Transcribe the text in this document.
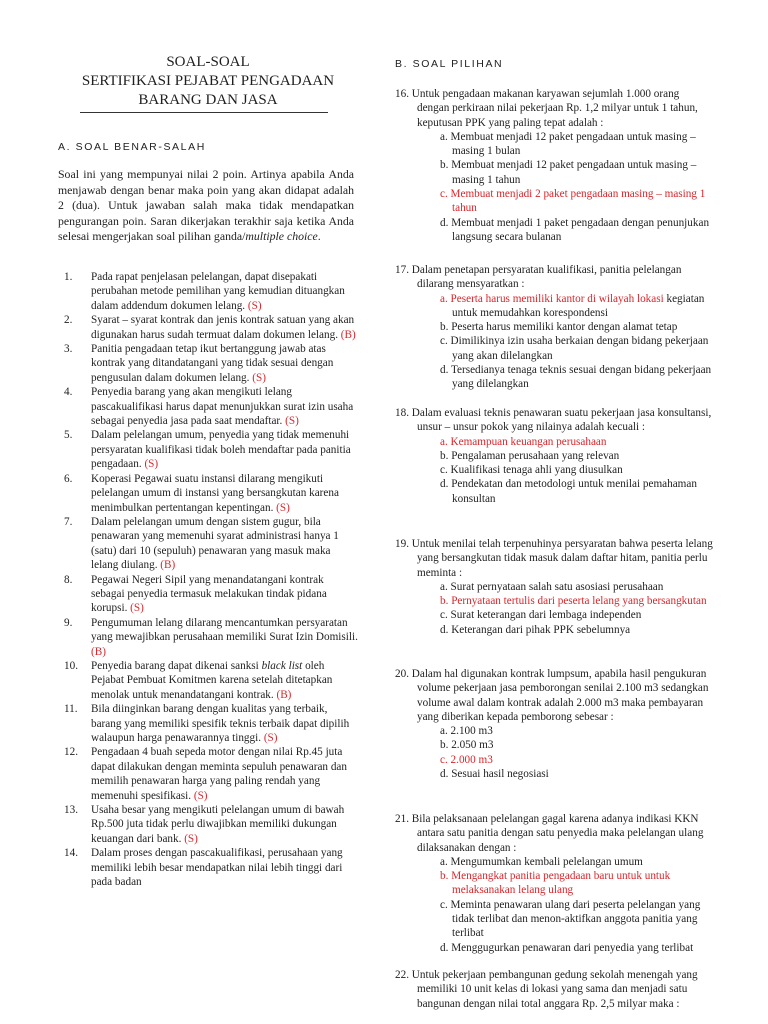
SOAL-SOAL
SERTIFIKASI PEJABAT PENGADAAN
BARANG DAN JASA
A. SOAL BENAR-SALAH
Soal ini yang mempunyai nilai 2 poin. Artinya apabila Anda menjawab dengan benar maka poin yang akan didapat adalah 2 (dua). Untuk jawaban salah maka tidak mendapatkan pengurangan poin. Saran dikerjakan terakhir saja ketika Anda selesai mengerjakan soal pilihan ganda/multiple choice.
1. Pada rapat penjelasan pelelangan, dapat disepakati perubahan metode pemilihan yang kemudian dituangkan dalam addendum dokumen lelang. (S)
2. Syarat – syarat kontrak dan jenis kontrak satuan yang akan digunakan harus sudah termuat dalam dokumen lelang. (B)
3. Panitia pengadaan tetap ikut bertanggung jawab atas kontrak yang ditandatangani yang tidak sesuai dengan pengusulan dalam dokumen lelang. (S)
4. Penyedia barang yang akan mengikuti lelang pascakualifikasi harus dapat menunjukkan surat izin usaha sebagai penyedia jasa pada saat mendaftar. (S)
5. Dalam pelelangan umum, penyedia yang tidak memenuhi persyaratan kualifikasi tidak boleh mendaftar pada panitia pengadaan. (S)
6. Koperasi Pegawai suatu instansi dilarang mengikuti pelelangan umum di instansi yang bersangkutan karena menimbulkan pertentangan kepentingan. (S)
7. Dalam pelelangan umum dengan sistem gugur, bila penawaran yang memenuhi syarat administrasi hanya 1 (satu) dari 10 (sepuluh) penawaran yang masuk maka lelang diulang. (B)
8. Pegawai Negeri Sipil yang menandatangani kontrak sebagai penyedia termasuk melakukan tindak pidana korupsi. (S)
9. Pengumuman lelang dilarang mencantumkan persyaratan yang mewajibkan perusahaan memiliki Surat Izin Domisili. (B)
10. Penyedia barang dapat dikenai sanksi black list oleh Pejabat Pembuat Komitmen karena setelah ditetapkan menolak untuk menandatangani kontrak. (B)
11. Bila diinginkan barang dengan kualitas yang terbaik, barang yang memiliki spesifik teknis terbaik dapat dipilih walaupun harga penawarannya tinggi. (S)
12. Pengadaan 4 buah sepeda motor dengan nilai Rp.45 juta dapat dilakukan dengan meminta sepuluh penawaran dan memilih penawaran harga yang paling rendah yang memenuhi spesifikasi. (S)
13. Usaha besar yang mengikuti pelelangan umum di bawah Rp.500 juta tidak perlu diwajibkan memiliki dukungan keuangan dari bank. (S)
14. Dalam proses dengan pascakualifikasi, perusahaan yang memiliki lebih besar mendapatkan nilai lebih tinggi dari pada badan
B. SOAL PILIHAN
16. Untuk pengadaan makanan karyawan sejumlah 1.000 orang dengan perkiraan nilai pekerjaan Rp. 1,2 milyar untuk 1 tahun, keputusan PPK yang paling tepat adalah :
a. Membuat menjadi 12 paket pengadaan untuk masing – masing 1 bulan
b. Membuat menjadi 12 paket pengadaan untuk masing – masing 1 tahun
c. Membuat menjadi 2 paket pengadaan masing – masing 1 tahun
d. Membuat menjadi 1 paket pengadaan dengan penunjukan langsung secara bulanan
17. Dalam penetapan persyaratan kualifikasi, panitia pelelangan dilarang mensyaratkan :
a. Peserta harus memiliki kantor di wilayah lokasi kegiatan untuk memudahkan korespondensi
b. Peserta harus memiliki kantor dengan alamat tetap
c. Dimilikinya izin usaha berkaian dengan bidang pekerjaan yang akan dilelangkan
d. Tersedianya tenaga teknis sesuai dengan bidang pekerjaan yang dilelangkan
18. Dalam evaluasi teknis penawaran suatu pekerjaan jasa konsultansi, unsur – unsur pokok yang nilainya adalah kecuali :
a. Kemampuan keuangan perusahaan
b. Pengalaman perusahaan yang relevan
c. Kualifikasi tenaga ahli yang diusulkan
d. Pendekatan dan metodologi untuk menilai pemahaman konsultan
19. Untuk menilai telah terpenuhinya persyaratan bahwa peserta lelang yang bersangkutan tidak masuk dalam daftar hitam, panitia perlu meminta :
a. Surat pernyataan salah satu asosiasi perusahaan
b. Pernyataan tertulis dari peserta lelang yang bersangkutan
c. Surat keterangan dari lembaga independen
d. Keterangan dari pihak PPK sebelumnya
20. Dalam hal digunakan kontrak lumpsum, apabila hasil pengukuran volume pekerjaan jasa pemborongan senilai 2.100 m3 sedangkan volume awal dalam kontrak adalah 2.000 m3 maka pembayaran yang diberikan kepada pemborong sebesar :
a. 2.100 m3
b. 2.050 m3
c. 2.000 m3
d. Sesuai hasil negosiasi
21. Bila pelaksanaan pelelangan gagal karena adanya indikasi KKN antara satu panitia dengan satu penyedia maka pelelangan ulang dilaksanakan dengan :
a. Mengumumkan kembali pelelangan umum
b. Mengangkat panitia pengadaan baru untuk untuk melaksanakan lelang ulang
c. Meminta penawaran ulang dari peserta pelelangan yang tidak terlibat dan menon-aktifkan anggota panitia yang terlibat
d. Menggugurkan penawaran dari penyedia yang terlibat
22. Untuk pekerjaan pembangunan gedung sekolah menengah yang memiliki 10 unit kelas di lokasi yang sama dan menjadi satu bangunan dengan nilai total anggara Rp. 2,5 milyar maka :
